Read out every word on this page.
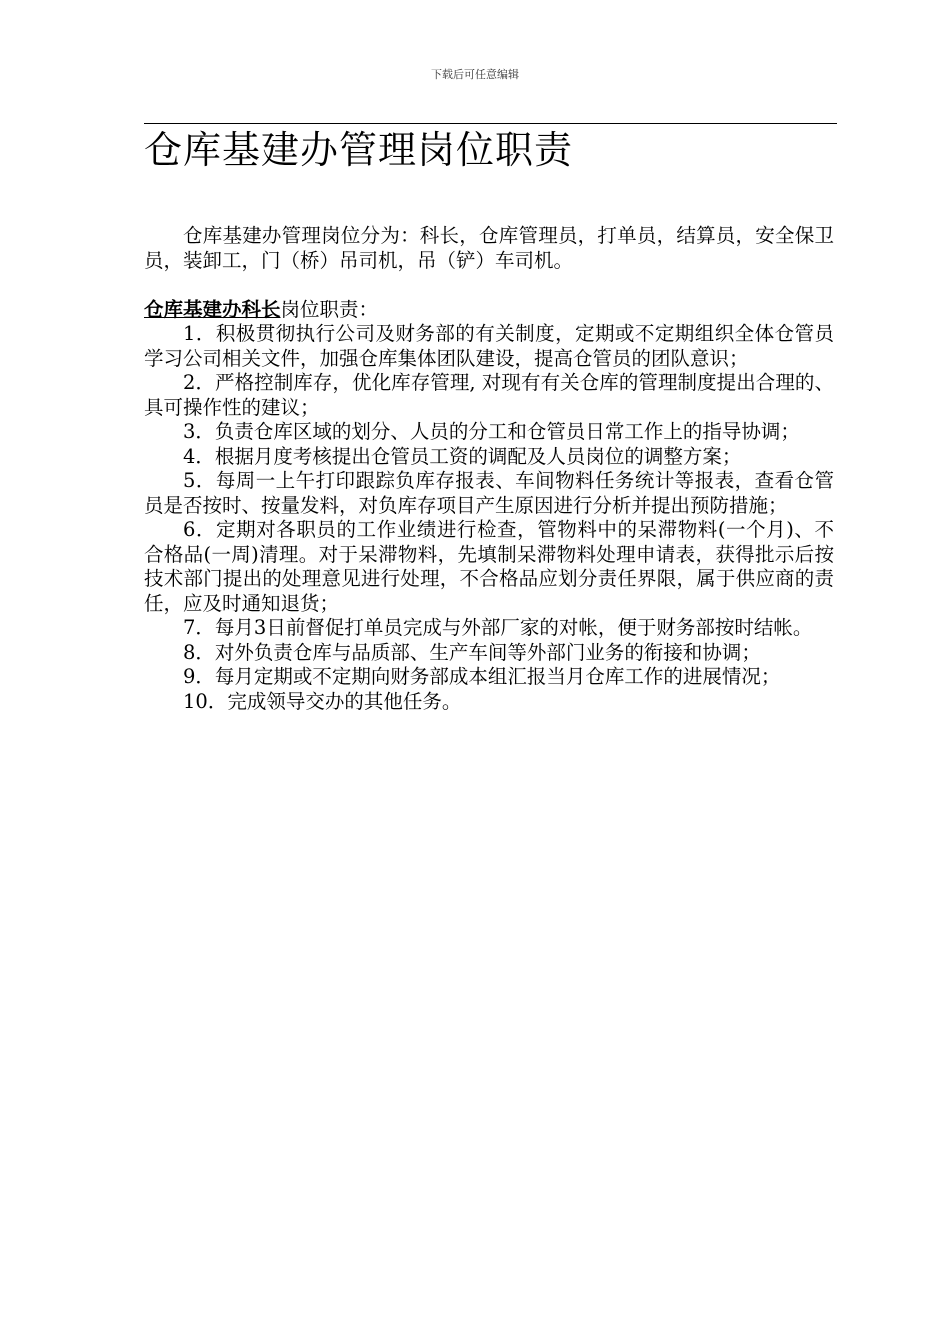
下载后可任意编辑
仓库基建办管理岗位职责

仓库基建办管理岗位分为：科长，仓库管理员，打单员，结算员，安全保卫员，装卸工，门（桥）吊司机，吊（铲）车司机。

仓库基建办科长岗位职责：

1．积极贯彻执行公司及财务部的有关制度，定期或不定期组织全体仓管员学习公司相关文件，加强仓库集体团队建设，提高仓管员的团队意识；

2．严格控制库存，优化库存管理, 对现有有关仓库的管理制度提出合理的、具可操作性的建议；

3．负责仓库区域的划分、人员的分工和仓管员日常工作上的指导协调；

4．根据月度考核提出仓管员工资的调配及人员岗位的调整方案；

5．每周一上午打印跟踪负库存报表、车间物料任务统计等报表，查看仓管员是否按时、按量发料，对负库存项目产生原因进行分析并提出预防措施；

6．定期对各职员的工作业绩进行检查，管物料中的呆滞物料(一个月)、不合格品(一周)清理。对于呆滞物料，先填制呆滞物料处理申请表，获得批示后按技术部门提出的处理意见进行处理，不合格品应划分责任界限，属于供应商的责任，应及时通知退货；

7．每月3日前督促打单员完成与外部厂家的对帐，便于财务部按时结帐。

8．对外负责仓库与品质部、生产车间等外部门业务的衔接和协调；

9．每月定期或不定期向财务部成本组汇报当月仓库工作的进展情况；

10．完成领导交办的其他任务。
